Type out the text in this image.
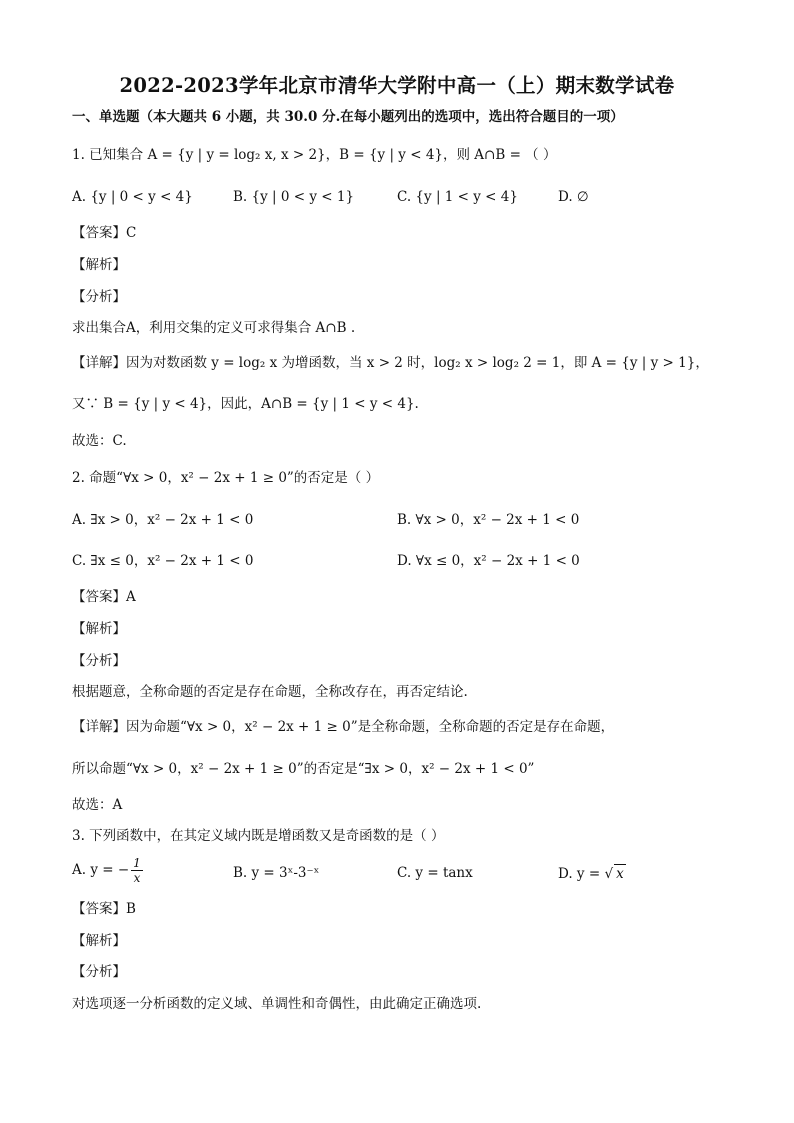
2022-2023学年北京市清华大学附中高一（上）期末数学试卷
一、单选题（本大题共 6 小题，共 30.0 分.在每小题列出的选项中，选出符合题目的一项）
1. 已知集合 A = {y | y = log₂ x, x > 2}，B = {y | y < 4}，则 A∩B = （ ）
A. {y | 0 < y < 4}	B. {y | 0 < y < 1}	C. {y | 1 < y < 4}	D. ∅
【答案】C
【解析】
【分析】
求出集合A，利用交集的定义可求得集合 A∩B .
【详解】因为对数函数 y = log₂ x 为增函数，当 x > 2 时，log₂ x > log₂ 2 = 1，即 A = {y | y > 1}，
又∵ B = {y | y < 4}，因此，A∩B = {y | 1 < y < 4}.
故选：C.
2. 命题“∀x > 0，x² − 2x + 1 ≥ 0”的否定是（ ）
A. ∃x > 0，x² − 2x + 1 < 0	B. ∀x > 0，x² − 2x + 1 < 0
C. ∃x ≤ 0，x² − 2x + 1 < 0	D. ∀x ≤ 0，x² − 2x + 1 < 0
【答案】A
【解析】
【分析】
根据题意，全称命题的否定是存在命题，全称改存在，再否定结论.
【详解】因为命题“∀x > 0，x² − 2x + 1 ≥ 0”是全称命题，全称命题的否定是存在命题，
所以命题“∀x > 0，x² − 2x + 1 ≥ 0”的否定是“∃x > 0，x² − 2x + 1 < 0”
故选：A
3. 下列函数中，在其定义域内既是增函数又是奇函数的是（ ）
A. y = − $\frac{1}{x}$	B. y = 3ˣ-3⁻ˣ	C. y = tanx	D. y = √ x
【答案】B
【解析】
【分析】
对选项逐一分析函数的定义域、单调性和奇偶性，由此确定正确选项.
